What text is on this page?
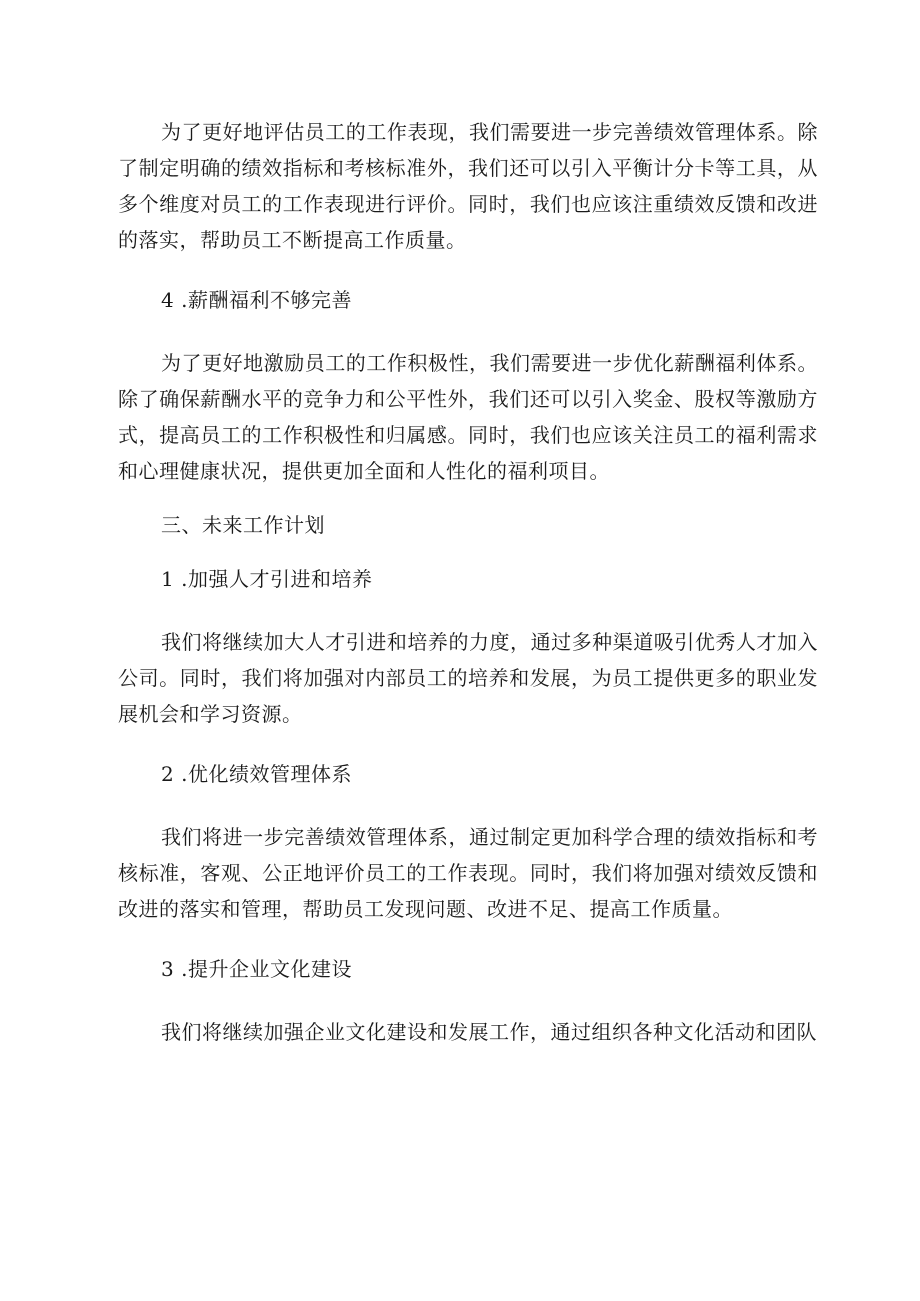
为了更好地评估员工的工作表现，我们需要进一步完善绩效管理体系。除了制定明确的绩效指标和考核标准外，我们还可以引入平衡计分卡等工具，从多个维度对员工的工作表现进行评价。同时，我们也应该注重绩效反馈和改进的落实，帮助员工不断提高工作质量。

4 .薪酬福利不够完善

为了更好地激励员工的工作积极性，我们需要进一步优化薪酬福利体系。除了确保薪酬水平的竞争力和公平性外，我们还可以引入奖金、股权等激励方式，提高员工的工作积极性和归属感。同时，我们也应该关注员工的福利需求和心理健康状况，提供更加全面和人性化的福利项目。

三、未来工作计划

1 .加强人才引进和培养

我们将继续加大人才引进和培养的力度，通过多种渠道吸引优秀人才加入公司。同时，我们将加强对内部员工的培养和发展，为员工提供更多的职业发展机会和学习资源。

2 .优化绩效管理体系

我们将进一步完善绩效管理体系，通过制定更加科学合理的绩效指标和考核标准，客观、公正地评价员工的工作表现。同时，我们将加强对绩效反馈和改进的落实和管理，帮助员工发现问题、改进不足、提高工作质量。

3 .提升企业文化建设

我们将继续加强企业文化建设和发展工作，通过组织各种文化活动和团队
